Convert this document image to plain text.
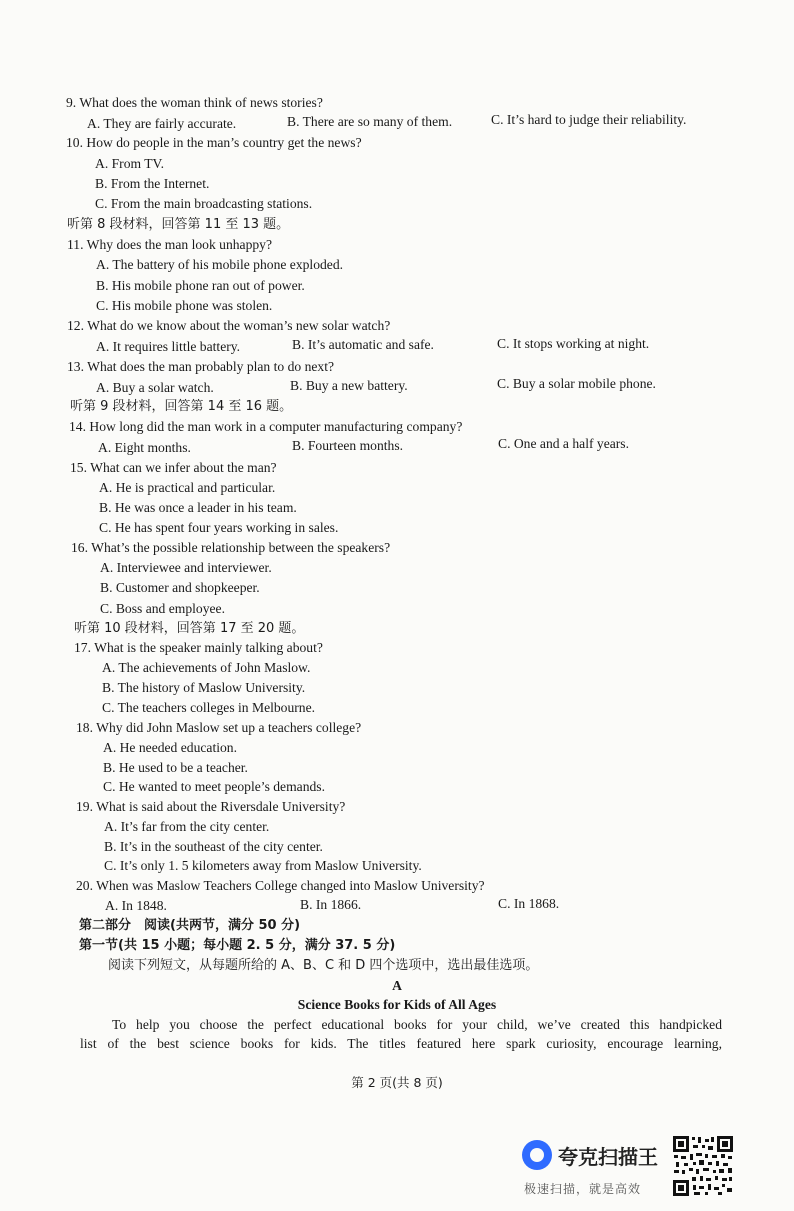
9. What does the woman think of news stories?
A. They are fairly accurate.	B. There are so many of them.	C. It’s hard to judge their reliability.
10. How do people in the man’s country get the news?
A. From TV.
B. From the Internet.
C. From the main broadcasting stations.
听第 8 段材料，回答第 11 至 13 题。
11. Why does the man look unhappy?
A. The battery of his mobile phone exploded.
B. His mobile phone ran out of power.
C. His mobile phone was stolen.
12. What do we know about the woman’s new solar watch?
A. It requires little battery.	B. It’s automatic and safe.	C. It stops working at night.
13. What does the man probably plan to do next?
A. Buy a solar watch.	B. Buy a new battery.	C. Buy a solar mobile phone.
听第 9 段材料，回答第 14 至 16 题。
14. How long did the man work in a computer manufacturing company?
A. Eight months.	B. Fourteen months.	C. One and a half years.
15. What can we infer about the man?
A. He is practical and particular.
B. He was once a leader in his team.
C. He has spent four years working in sales.
16. What’s the possible relationship between the speakers?
A. Interviewee and interviewer.
B. Customer and shopkeeper.
C. Boss and employee.
听第 10 段材料，回答第 17 至 20 题。
17. What is the speaker mainly talking about?
A. The achievements of John Maslow.
B. The history of Maslow University.
C. The teachers colleges in Melbourne.
18. Why did John Maslow set up a teachers college?
A. He needed education.
B. He used to be a teacher.
C. He wanted to meet people’s demands.
19. What is said about the Riversdale University?
A. It’s far from the city center.
B. It’s in the southeast of the city center.
C. It’s only 1. 5 kilometers away from Maslow University.
20. When was Maslow Teachers College changed into Maslow University?
A. In 1848.	B. In 1866.	C. In 1868.
第二部分　阅读(共两节，满分 50 分)
第一节(共 15 小题；每小题 2. 5 分，满分 37. 5 分)
阅读下列短文，从每题所给的 A、B、C 和 D 四个选项中，选出最佳选项。
A
Science Books for Kids of All Ages
To help you choose the perfect educational books for your child, we’ve created this handpicked
list of the best science books for kids. The titles featured here spark curiosity, encourage learning,
第 2 页(共 8 页)
夸克扫描王
极速扫描，就是高效
